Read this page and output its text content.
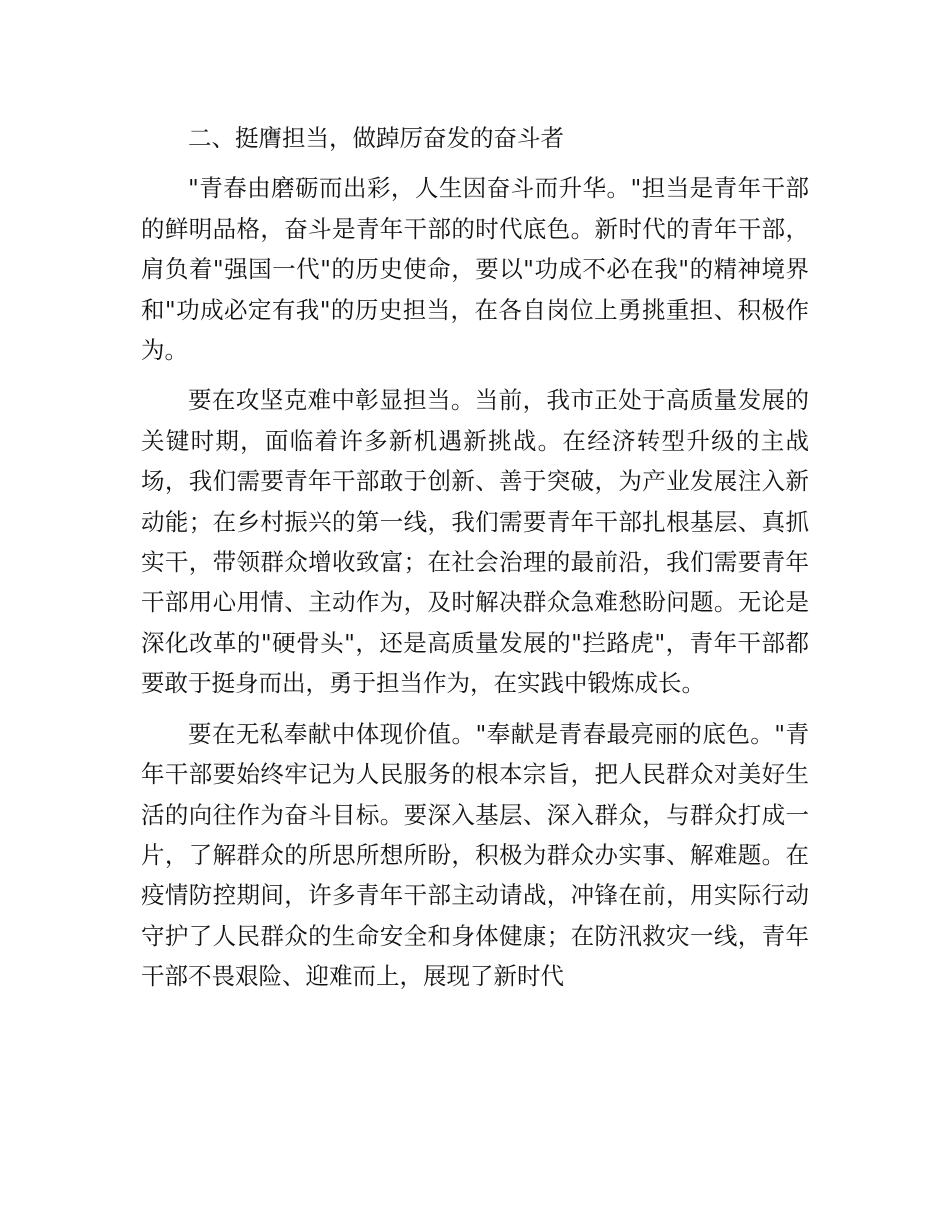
二、挺膺担当，做踔厉奋发的奋斗者

"青春由磨砺而出彩，人生因奋斗而升华。"担当是青年干部的鲜明品格，奋斗是青年干部的时代底色。新时代的青年干部，肩负着"强国一代"的历史使命，要以"功成不必在我"的精神境界和"功成必定有我"的历史担当，在各自岗位上勇挑重担、积极作为。

要在攻坚克难中彰显担当。当前，我市正处于高质量发展的关键时期，面临着许多新机遇新挑战。在经济转型升级的主战场，我们需要青年干部敢于创新、善于突破，为产业发展注入新动能；在乡村振兴的第一线，我们需要青年干部扎根基层、真抓实干，带领群众增收致富；在社会治理的最前沿，我们需要青年干部用心用情、主动作为，及时解决群众急难愁盼问题。无论是深化改革的"硬骨头"，还是高质量发展的"拦路虎"，青年干部都要敢于挺身而出，勇于担当作为，在实践中锻炼成长。

要在无私奉献中体现价值。"奉献是青春最亮丽的底色。"青年干部要始终牢记为人民服务的根本宗旨，把人民群众对美好生活的向往作为奋斗目标。要深入基层、深入群众，与群众打成一片，了解群众的所思所想所盼，积极为群众办实事、解难题。在疫情防控期间，许多青年干部主动请战，冲锋在前，用实际行动守护了人民群众的生命安全和身体健康；在防汛救灾一线，青年干部不畏艰险、迎难而上，展现了新时代
